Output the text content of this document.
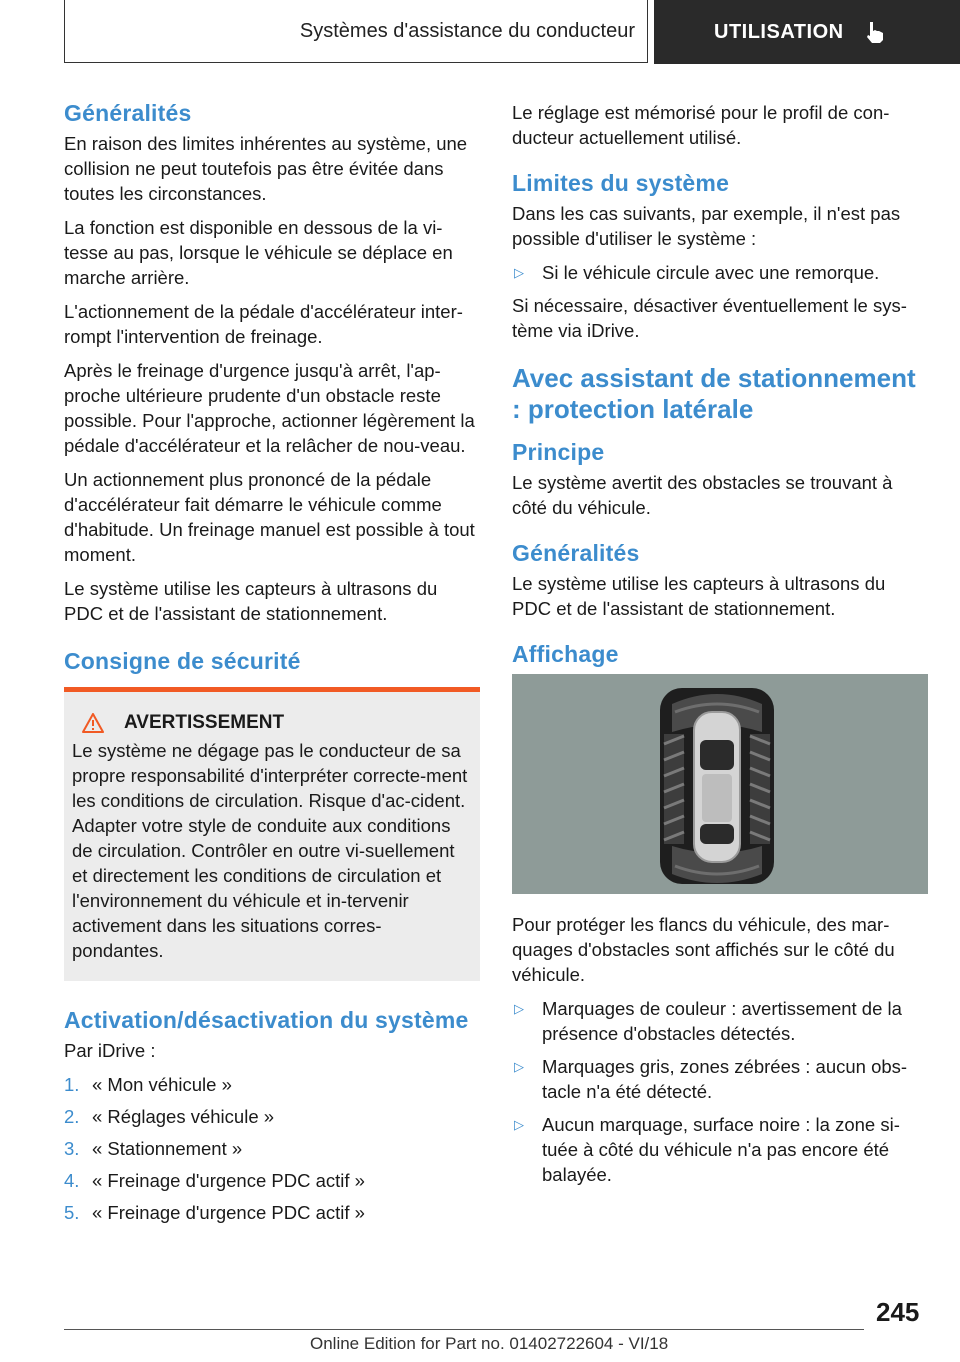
Systèmes d'assistance du conducteur	UTILISATION
Généralités

En raison des limites inhérentes au système, une collision ne peut toutefois pas être évitée dans toutes les circonstances.

La fonction est disponible en dessous de la vi-tesse au pas, lorsque le véhicule se déplace en marche arrière.

L'actionnement de la pédale d'accélérateur inter-rompt l'intervention de freinage.

Après le freinage d'urgence jusqu'à arrêt, l'ap-proche ultérieure prudente d'un obstacle reste possible. Pour l'approche, actionner légèrement la pédale d'accélérateur et la relâcher de nou-veau.

Un actionnement plus prononcé de la pédale d'accélérateur fait démarre le véhicule comme d'habitude. Un freinage manuel est possible à tout moment.

Le système utilise les capteurs à ultrasons du PDC et de l'assistant de stationnement.

Consigne de sécurité
AVERTISSEMENT

Le système ne dégage pas le conducteur de sa propre responsabilité d'interpréter correcte-ment les conditions de circulation. Risque d'ac-cident. Adapter votre style de conduite aux conditions de circulation. Contrôler en outre vi-suellement et directement les conditions de circulation et l'environnement du véhicule et in-tervenir activement dans les situations corres-pondantes.

Activation/désactivation du système

Par iDrive :

1. « Mon véhicule »
2. « Réglages véhicule »
3. « Stationnement »
4. « Freinage d'urgence PDC actif »
5. « Freinage d'urgence PDC actif »

Le réglage est mémorisé pour le profil de con-ducteur actuellement utilisé.

Limites du système

Dans les cas suivants, par exemple, il n'est pas possible d'utiliser le système :

▷ Si le véhicule circule avec une remorque.

Si nécessaire, désactiver éventuellement le sys-tème via iDrive.

Avec assistant de stationnement : protection latérale
Principe

Le système avertit des obstacles se trouvant à côté du véhicule.

Généralités

Le système utilise les capteurs à ultrasons du PDC et de l'assistant de stationnement.

Affichage

Pour protéger les flancs du véhicule, des mar-quages d'obstacles sont affichés sur le côté du véhicule.

▷ Marquages de couleur : avertissement de la présence d'obstacles détectés.
▷ Marquages gris, zones zébrées : aucun obs-tacle n'a été détecté.
▷ Aucun marquage, surface noire : la zone si-tuée à côté du véhicule n'a pas encore été balayée.
245
Online Edition for Part no. 01402722604 - VI/18
